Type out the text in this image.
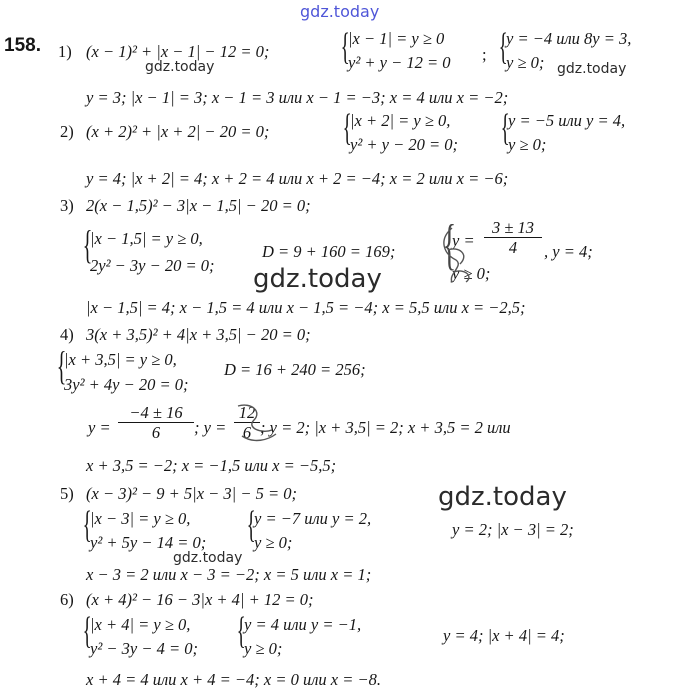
gdz.today
gdz.today	gdz.today
gdz.today
gdz.today
gdz.today
158. 1) (x − 1)² + |x − 1| − 12 = 0; {
|x − 1| = y ≥ 0
y² + y − 12 = 0 ; {
y = −4 или 8y = 3,
y ≥ 0;
y = 3; |x − 1| = 3; x − 1 = 3 или x − 1 = −3; x = 4 или x = −2;
2) (x + 2)² + |x + 2| − 20 = 0; {
|x + 2| = y ≥ 0,
y² + y − 20 = 0; {
y = −5 или y = 4,
y ≥ 0;
y = 4; |x + 2| = 4; x + 2 = 4 или x + 2 = −4; x = 2 или x = −6;
3) 2(x − 1,5)² − 3|x − 1,5| − 20 = 0;
{
|x − 1,5| = y ≥ 0,
2y² − 3y − 20 = 0;
D = 9 + 160 = 169; {
y =
3 ± 13
4	, y = 4;
y ≥ 0;
|x − 1,5| = 4; x − 1,5 = 4 или x − 1,5 = −4; x = 5,5 или x = −2,5;
4) 3(x + 3,5)² + 4|x + 3,5| − 20 = 0;
{
|x + 3,5| = y ≥ 0,
3y² + 4y − 20 = 0;
D = 16 + 240 = 256;
y =
−4 ± 16
6	; y =
12
6 ; y = 2; |x + 3,5| = 2; x + 3,5 = 2 или
x + 3,5 = −2; x = −1,5 или x = −5,5;
5) (x − 3)² − 9 + 5|x − 3| − 5 = 0;
{
|x − 3| = y ≥ 0,
y² + 5y − 14 = 0; {
y = −7 или y = 2,
y ≥ 0;
y = 2; |x − 3| = 2;
x − 3 = 2 или x − 3 = −2; x = 5 или x = 1;
6) (x + 4)² − 16 − 3|x + 4| + 12 = 0;
{
|x + 4| = y ≥ 0,
y² − 3y − 4 = 0; {
y = 4 или y = −1,
y ≥ 0;
y = 4; |x + 4| = 4;
x + 4 = 4 или x + 4 = −4; x = 0 или x = −8.
